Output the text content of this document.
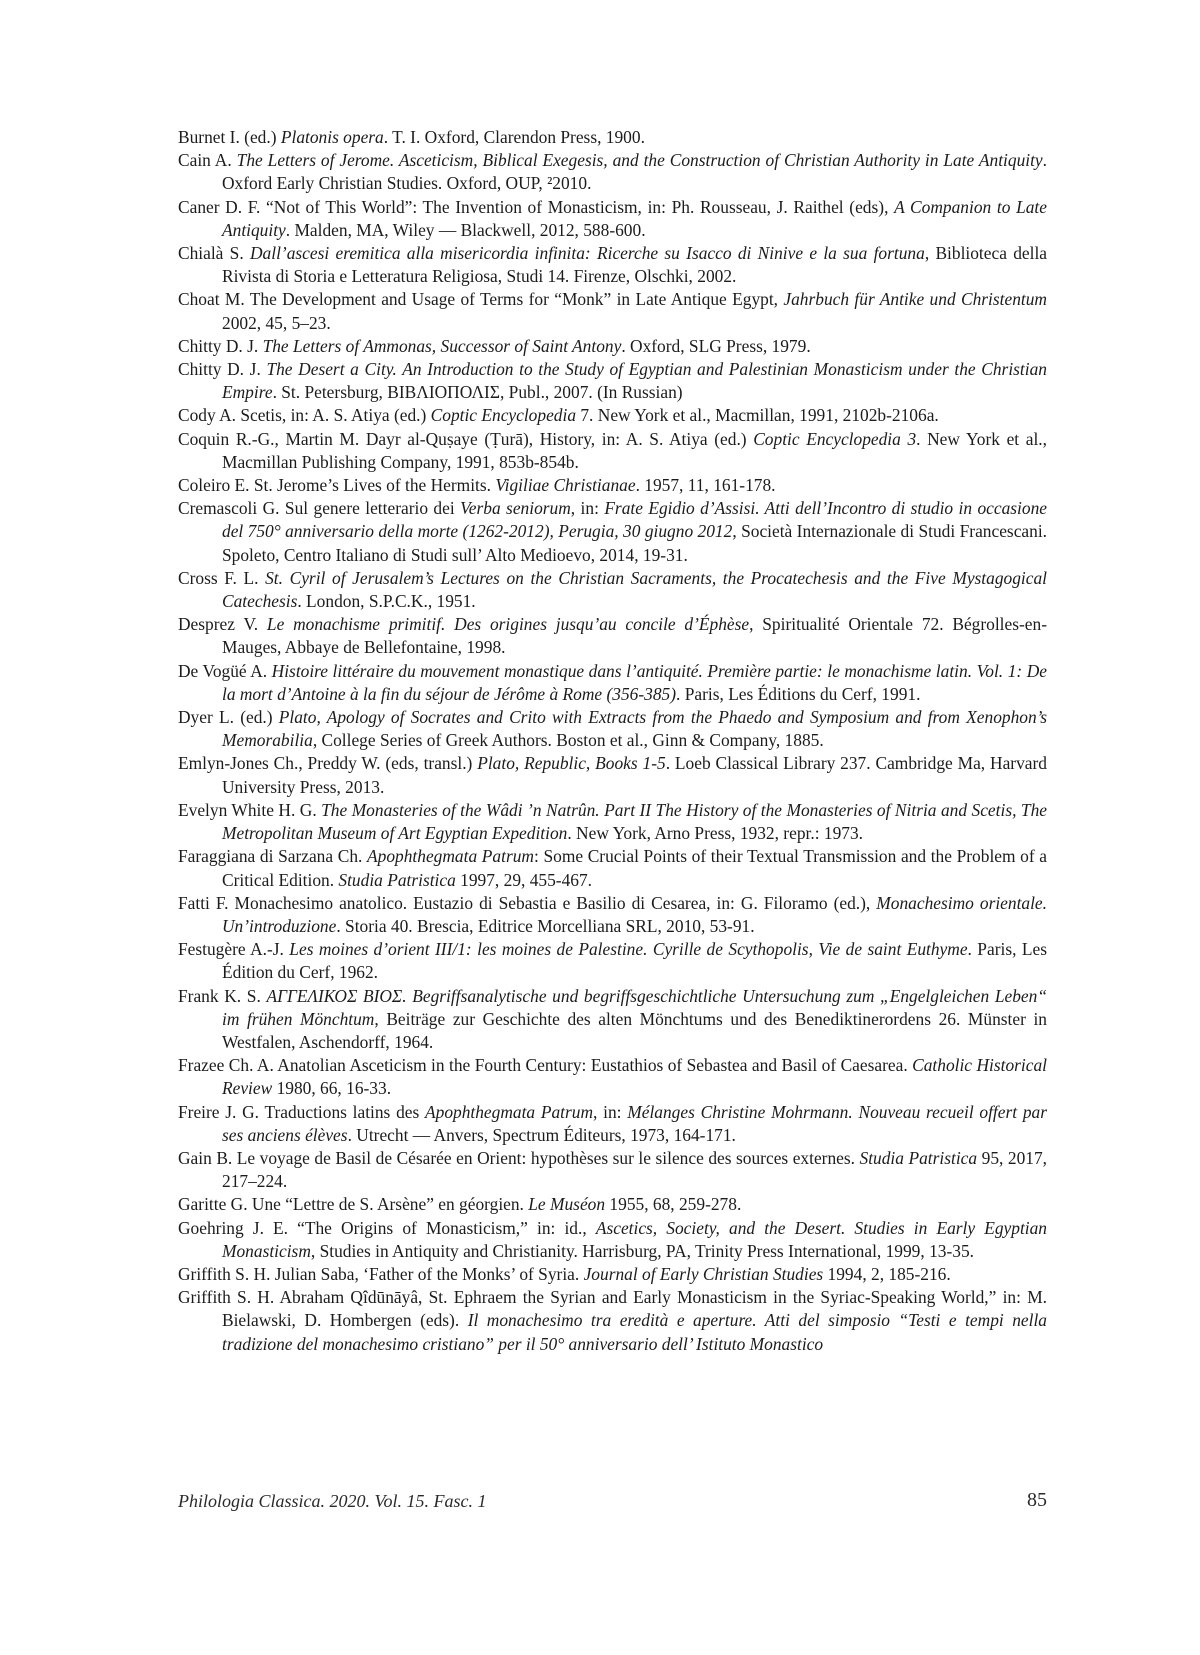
Burnet I. (ed.) Platonis opera. T. I. Oxford, Clarendon Press, 1900.

Cain A. The Letters of Jerome. Asceticism, Biblical Exegesis, and the Construction of Christian Authority in Late Antiquity. Oxford Early Christian Studies. Oxford, OUP, ²2010.

Caner D. F. “Not of This World”: The Invention of Monasticism, in: Ph. Rousseau, J. Raithel (eds), A Companion to Late Antiquity. Malden, MA, Wiley — Blackwell, 2012, 588-600.

Chialà S. Dall’ascesi eremitica alla misericordia infinita: Ricerche su Isacco di Ninive e la sua fortuna, Biblioteca della Rivista di Storia e Letteratura Religiosa, Studi 14. Firenze, Olschki, 2002.

Choat M. The Development and Usage of Terms for “Monk” in Late Antique Egypt, Jahrbuch für Antike und Christentum 2002, 45, 5–23.

Chitty D. J. The Letters of Ammonas, Successor of Saint Antony. Oxford, SLG Press, 1979.

Chitty D. J. The Desert a City. An Introduction to the Study of Egyptian and Palestinian Monasticism under the Christian Empire. St. Petersburg, ΒΙΒΛΙΟΠΟΛΙΣ, Publ., 2007. (In Russian)

Cody A. Scetis, in: A. S. Atiya (ed.) Coptic Encyclopedia 7. New York et al., Macmillan, 1991, 2102b-2106a.

Coquin R.-G., Martin M. Dayr al-Quṣaye (Ṭurā), History, in: A. S. Atiya (ed.) Coptic Encyclopedia 3. New York et al., Macmillan Publishing Company, 1991, 853b-854b.

Coleiro E. St. Jerome’s Lives of the Hermits. Vigiliae Christianae. 1957, 11, 161-178.

Cremascoli G. Sul genere letterario dei Verba seniorum, in: Frate Egidio d’Assisi. Atti dell’Incontro di studio in occasione del 750° anniversario della morte (1262-2012), Perugia, 30 giugno 2012, Società Internazionale di Studi Francescani. Spoleto, Centro Italiano di Studi sull’ Alto Medioevo, 2014, 19-31.

Cross F. L. St. Cyril of Jerusalem’s Lectures on the Christian Sacraments, the Procatechesis and the Five Mystagogical Catechesis. London, S.P.C.K., 1951.

Desprez V. Le monachisme primitif. Des origines jusqu’au concile d’Éphèse, Spiritualité Orientale 72. Bégrolles-en-Mauges, Abbaye de Bellefontaine, 1998.

De Vogüé A. Histoire littéraire du mouvement monastique dans l’antiquité. Première partie: le monachisme latin. Vol. 1: De la mort d’Antoine à la fin du séjour de Jérôme à Rome (356-385). Paris, Les Éditions du Cerf, 1991.

Dyer L. (ed.) Plato, Apology of Socrates and Crito with Extracts from the Phaedo and Symposium and from Xenophon’s Memorabilia, College Series of Greek Authors. Boston et al., Ginn & Company, 1885.

Emlyn-Jones Ch., Preddy W. (eds, transl.) Plato, Republic, Books 1-5. Loeb Classical Library 237. Cambridge Ma, Harvard University Press, 2013.

Evelyn White H. G. The Monasteries of the Wâdi ’n Natrûn. Part II The History of the Monasteries of Nitria and Scetis, The Metropolitan Museum of Art Egyptian Expedition. New York, Arno Press, 1932, repr.: 1973.

Faraggiana di Sarzana Ch. Apophthegmata Patrum: Some Crucial Points of their Textual Transmission and the Problem of a Critical Edition. Studia Patristica 1997, 29, 455-467.

Fatti F. Monachesimo anatolico. Eustazio di Sebastia e Basilio di Cesarea, in: G. Filoramo (ed.), Monachesimo orientale. Un’introduzione. Storia 40. Brescia, Editrice Morcelliana SRL, 2010, 53-91.

Festugère A.-J. Les moines d’orient III/1: les moines de Palestine. Cyrille de Scythopolis, Vie de saint Euthyme. Paris, Les Édition du Cerf, 1962.

Frank K. S. ΑΓΓΕΛΙΚΟΣ ΒΙΟΣ. Begriffsanalytische und begriffsgeschichtliche Untersuchung zum „Engelgleichen Leben“ im frühen Mönchtum, Beiträge zur Geschichte des alten Mönchtums und des Benediktinerordens 26. Münster in Westfalen, Aschendorff, 1964.

Frazee Ch. A. Anatolian Asceticism in the Fourth Century: Eustathios of Sebastea and Basil of Caesarea. Catholic Historical Review 1980, 66, 16-33.

Freire J. G. Traductions latins des Apophthegmata Patrum, in: Mélanges Christine Mohrmann. Nouveau recueil offert par ses anciens élèves. Utrecht — Anvers, Spectrum Éditeurs, 1973, 164-171.

Gain B. Le voyage de Basil de Césarée en Orient: hypothèses sur le silence des sources externes. Studia Patristica 95, 2017, 217–224.

Garitte G. Une “Lettre de S. Arsène” en géorgien. Le Muséon 1955, 68, 259-278.

Goehring J. E. “The Origins of Monasticism,” in: id., Ascetics, Society, and the Desert. Studies in Early Egyptian Monasticism, Studies in Antiquity and Christianity. Harrisburg, PA, Trinity Press International, 1999, 13-35.

Griffith S. H. Julian Saba, ‘Father of the Monks’ of Syria. Journal of Early Christian Studies 1994, 2, 185-216.

Griffith S. H. Abraham Qîdūnāyâ, St. Ephraem the Syrian and Early Monasticism in the Syriac-Speaking World,” in: M. Bielawski, D. Hombergen (eds). Il monachesimo tra eredità e aperture. Atti del simposio “Testi e tempi nella tradizione del monachesimo cristiano” per il 50° anniversario dell’ Istituto Monastico

Philologia Classica. 2020. Vol. 15. Fasc. 1	85
